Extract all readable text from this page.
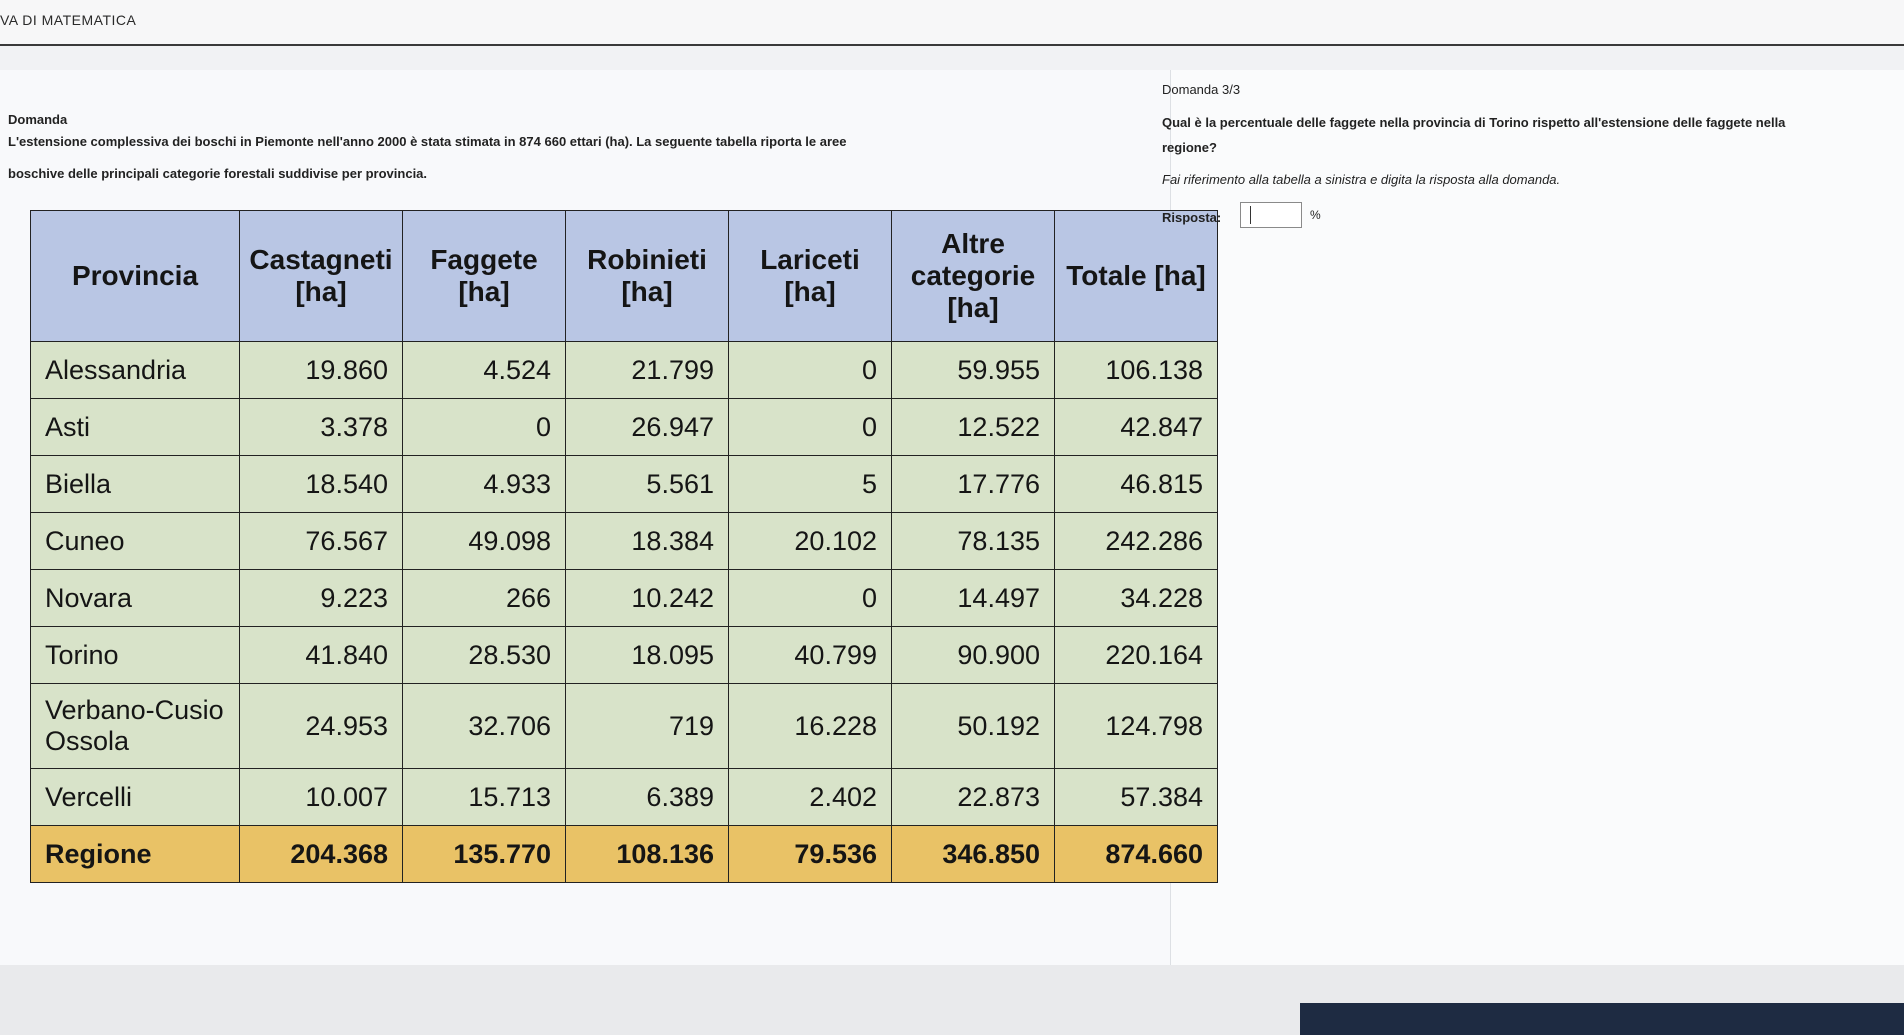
VA DI MATEMATICA
Domanda
L'estensione complessiva dei boschi in Piemonte nell'anno 2000 è stata stimata in 874 660 ettari (ha). La seguente tabella riporta le aree
boschive delle principali categorie forestali suddivise per provincia.
Provincia	Castagneti [ha]	Faggete [ha]	Robinieti [ha]	Lariceti [ha]	Altre categorie [ha]	Totale [ha]
Alessandria	19.860	4.524	21.799	0	59.955	106.138
Asti	3.378	0	26.947	0	12.522	42.847
Biella	18.540	4.933	5.561	5	17.776	46.815
Cuneo	76.567	49.098	18.384	20.102	78.135	242.286
Novara	9.223	266	10.242	0	14.497	34.228
Torino	41.840	28.530	18.095	40.799	90.900	220.164
Verbano-Cusio Ossola	24.953	32.706	719	16.228	50.192	124.798
Vercelli	10.007	15.713	6.389	2.402	22.873	57.384
Regione	204.368	135.770	108.136	79.536	346.850	874.660
Domanda 3/3
Qual è la percentuale delle faggete nella provincia di Torino rispetto all'estensione delle faggete nella
regione?
Fai riferimento alla tabella a sinistra e digita la risposta alla domanda.
Risposta:	%
